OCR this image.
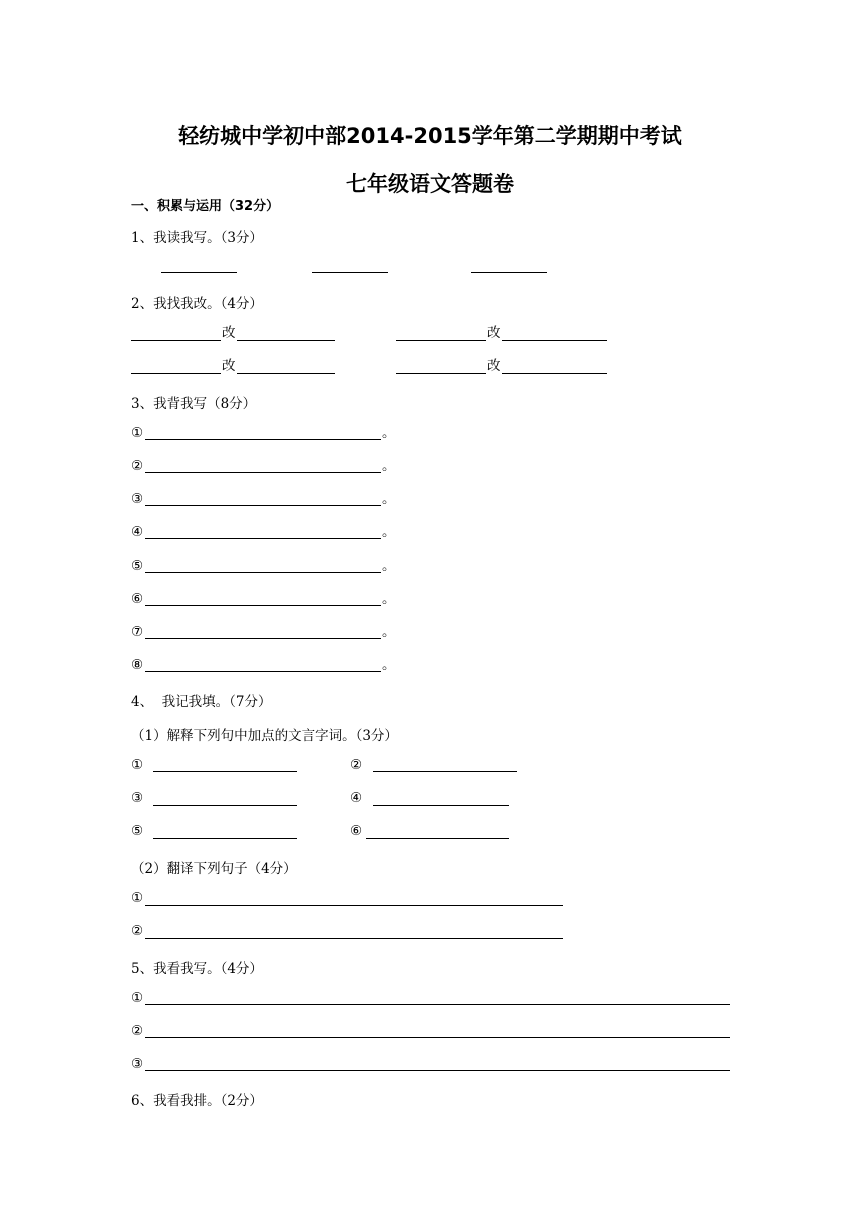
轻纺城中学初中部2014-2015学年第二学期期中考试
七年级语文答题卷
一、积累与运用（32分）
1、我读我写。（3分）
2、我找我改。（4分）
改	改
改	改
3、我背我写（8分）
①	。
②	。
③	。
④	。
⑤	。
⑥	。
⑦	。
⑧	。
4、  我记我填。（7分）
（1）解释下列句中加点的文言字词。（3分）
①	②
③	④
⑤	⑥
（2）翻译下列句子（4分）
①
②
5、我看我写。（4分）
①
②
③
6、我看我排。（2分）
